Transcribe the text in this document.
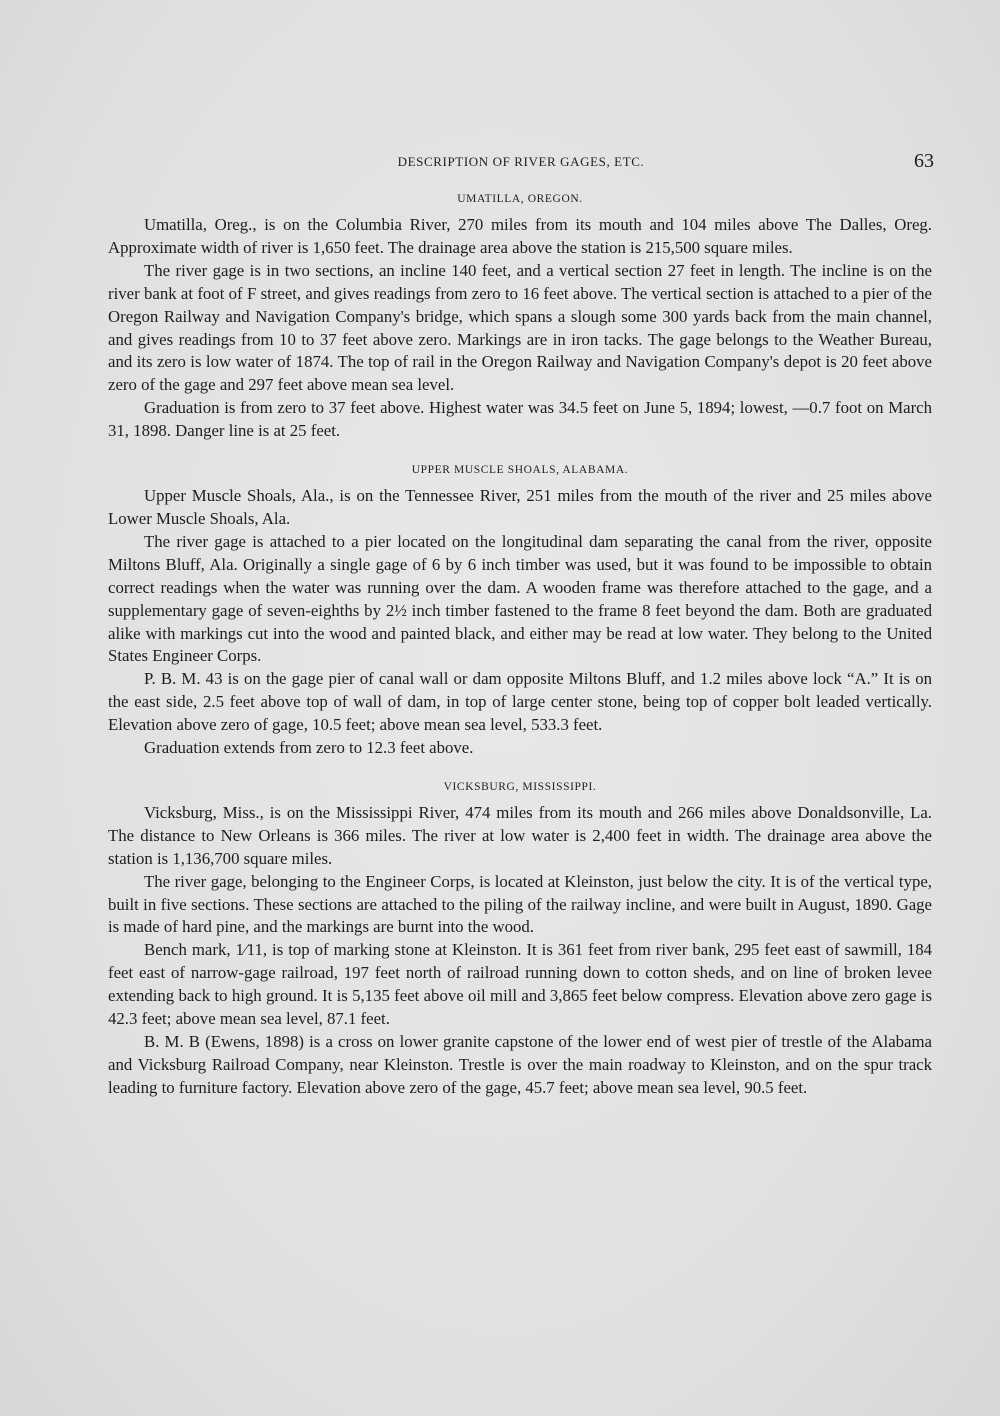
DESCRIPTION OF RIVER GAGES, ETC.	63
UMATILLA, OREGON.

Umatilla, Oreg., is on the Columbia River, 270 miles from its mouth and 104 miles above The Dalles, Oreg. Approximate width of river is 1,650 feet. The drainage area above the station is 215,500 square miles.

The river gage is in two sections, an incline 140 feet, and a vertical section 27 feet in length. The incline is on the river bank at foot of F street, and gives readings from zero to 16 feet above. The vertical section is attached to a pier of the Oregon Railway and Navigation Company's bridge, which spans a slough some 300 yards back from the main channel, and gives readings from 10 to 37 feet above zero. Markings are in iron tacks. The gage belongs to the Weather Bureau, and its zero is low water of 1874. The top of rail in the Oregon Railway and Navigation Company's depot is 20 feet above zero of the gage and 297 feet above mean sea level.

Graduation is from zero to 37 feet above. Highest water was 34.5 feet on June 5, 1894; lowest, —0.7 foot on March 31, 1898. Danger line is at 25 feet.

UPPER MUSCLE SHOALS, ALABAMA.

Upper Muscle Shoals, Ala., is on the Tennessee River, 251 miles from the mouth of the river and 25 miles above Lower Muscle Shoals, Ala.

The river gage is attached to a pier located on the longitudinal dam separating the canal from the river, opposite Miltons Bluff, Ala. Originally a single gage of 6 by 6 inch timber was used, but it was found to be impossible to obtain correct readings when the water was running over the dam. A wooden frame was therefore attached to the gage, and a supplementary gage of seven-eighths by 2½ inch timber fastened to the frame 8 feet beyond the dam. Both are graduated alike with markings cut into the wood and painted black, and either may be read at low water. They belong to the United States Engineer Corps.

P. B. M. 43 is on the gage pier of canal wall or dam opposite Miltons Bluff, and 1.2 miles above lock “A.” It is on the east side, 2.5 feet above top of wall of dam, in top of large center stone, being top of copper bolt leaded vertically. Elevation above zero of gage, 10.5 feet; above mean sea level, 533.3 feet.

Graduation extends from zero to 12.3 feet above.

VICKSBURG, MISSISSIPPI.

Vicksburg, Miss., is on the Mississippi River, 474 miles from its mouth and 266 miles above Donaldsonville, La. The distance to New Orleans is 366 miles. The river at low water is 2,400 feet in width. The drainage area above the station is 1,136,700 square miles.

The river gage, belonging to the Engineer Corps, is located at Kleinston, just below the city. It is of the vertical type, built in five sections. These sections are attached to the piling of the railway incline, and were built in August, 1890. Gage is made of hard pine, and the markings are burnt into the wood.

Bench mark, 1⁄11, is top of marking stone at Kleinston. It is 361 feet from river bank, 295 feet east of sawmill, 184 feet east of narrow-gage railroad, 197 feet north of railroad running down to cotton sheds, and on line of broken levee extending back to high ground. It is 5,135 feet above oil mill and 3,865 feet below compress. Elevation above zero gage is 42.3 feet; above mean sea level, 87.1 feet.

B. M. B (Ewens, 1898) is a cross on lower granite capstone of the lower end of west pier of trestle of the Alabama and Vicksburg Railroad Company, near Kleinston. Trestle is over the main roadway to Kleinston, and on the spur track leading to furniture factory. Elevation above zero of the gage, 45.7 feet; above mean sea level, 90.5 feet.
